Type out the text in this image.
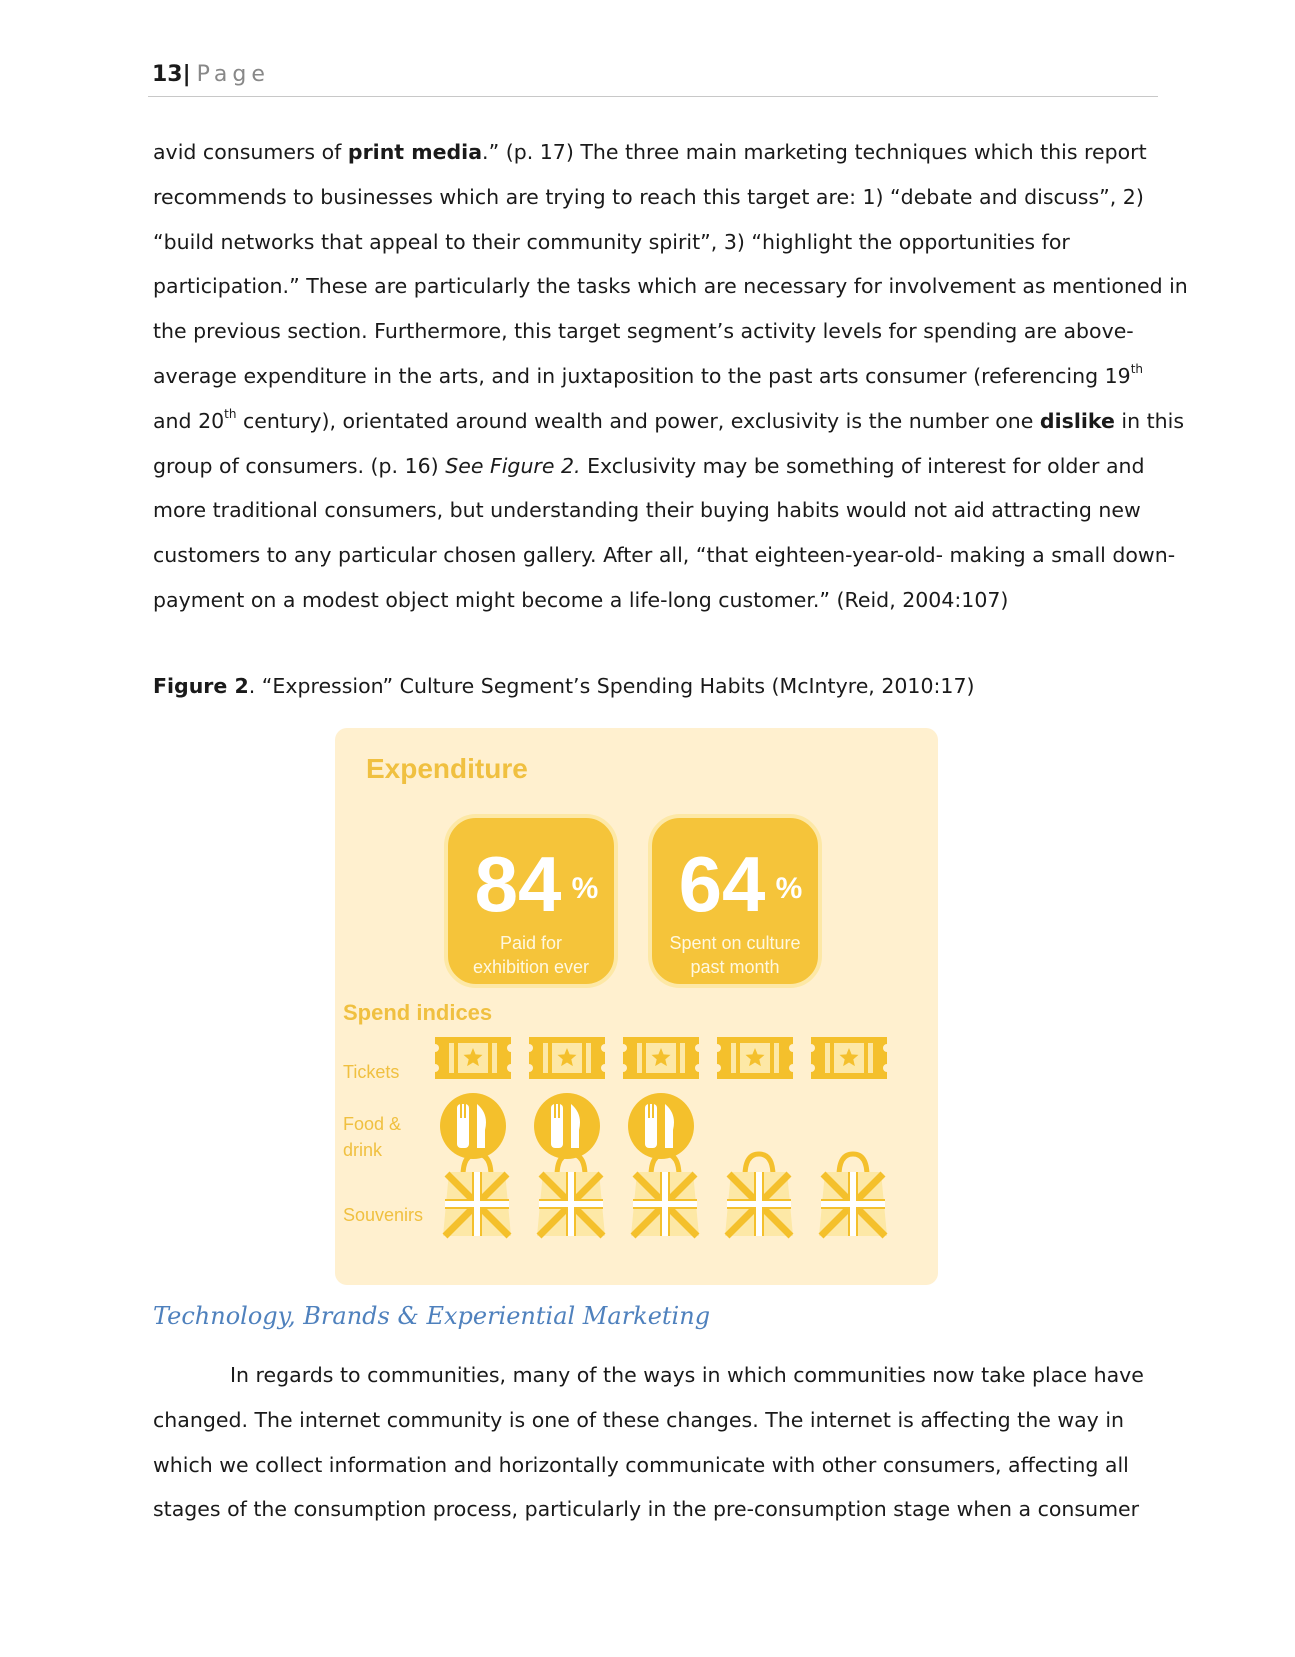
13| Page

avid consumers of print media.” (p. 17) The three main marketing techniques which this report

recommends to businesses which are trying to reach this target are: 1) “debate and discuss”, 2)

“build networks that appeal to their community spirit”, 3) “highlight the opportunities for

participation.” These are particularly the tasks which are necessary for involvement as mentioned in

the previous section. Furthermore, this target segment’s activity levels for spending are above-

average expenditure in the arts, and in juxtaposition to the past arts consumer (referencing 19th

and 20th century), orientated around wealth and power, exclusivity is the number one dislike in this

group of consumers. (p. 16) See Figure 2. Exclusivity may be something of interest for older and

more traditional consumers, but understanding their buying habits would not aid attracting new

customers to any particular chosen gallery. After all, “that eighteen-year-old- making a small down-

payment on a modest object might become a life-long customer.” (Reid, 2004:107)

Figure 2. “Expression” Culture Segment’s Spending Habits (McIntyre, 2010:17)
Expenditure
84 %
Paid for
exhibition ever
64 %
Spent on culture
past month
Spend indices
Tickets
Food &
drink
Souvenirs
Technology, Brands & Experiential Marketing

In regards to communities, many of the ways in which communities now take place have

changed. The internet community is one of these changes. The internet is affecting the way in

which we collect information and horizontally communicate with other consumers, affecting all

stages of the consumption process, particularly in the pre-consumption stage when a consumer
